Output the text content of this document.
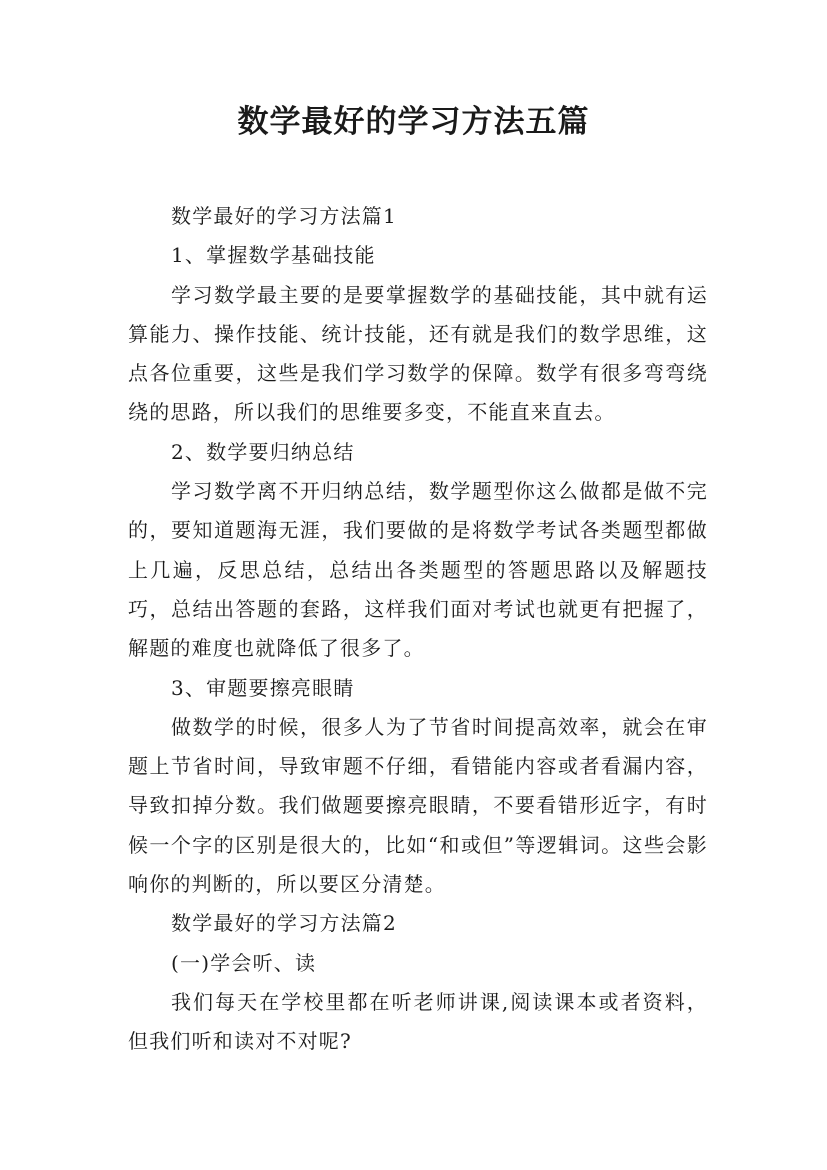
数学最好的学习方法五篇

数学最好的学习方法篇1

1、掌握数学基础技能

学习数学最主要的是要掌握数学的基础技能，其中就有运算能力、操作技能、统计技能，还有就是我们的数学思维，这点各位重要，这些是我们学习数学的保障。数学有很多弯弯绕绕的思路，所以我们的思维要多变，不能直来直去。

2、数学要归纳总结

学习数学离不开归纳总结，数学题型你这么做都是做不完的，要知道题海无涯，我们要做的是将数学考试各类题型都做上几遍，反思总结，总结出各类题型的答题思路以及解题技巧，总结出答题的套路，这样我们面对考试也就更有把握了，解题的难度也就降低了很多了。

3、审题要擦亮眼睛

做数学的时候，很多人为了节省时间提高效率，就会在审题上节省时间，导致审题不仔细，看错能内容或者看漏内容，导致扣掉分数。我们做题要擦亮眼睛，不要看错形近字，有时候一个字的区别是很大的，比如“和或但”等逻辑词。这些会影响你的判断的，所以要区分清楚。

数学最好的学习方法篇2

(一)学会听、读

我们每天在学校里都在听老师讲课,阅读课本或者资料，但我们听和读对不对呢?
